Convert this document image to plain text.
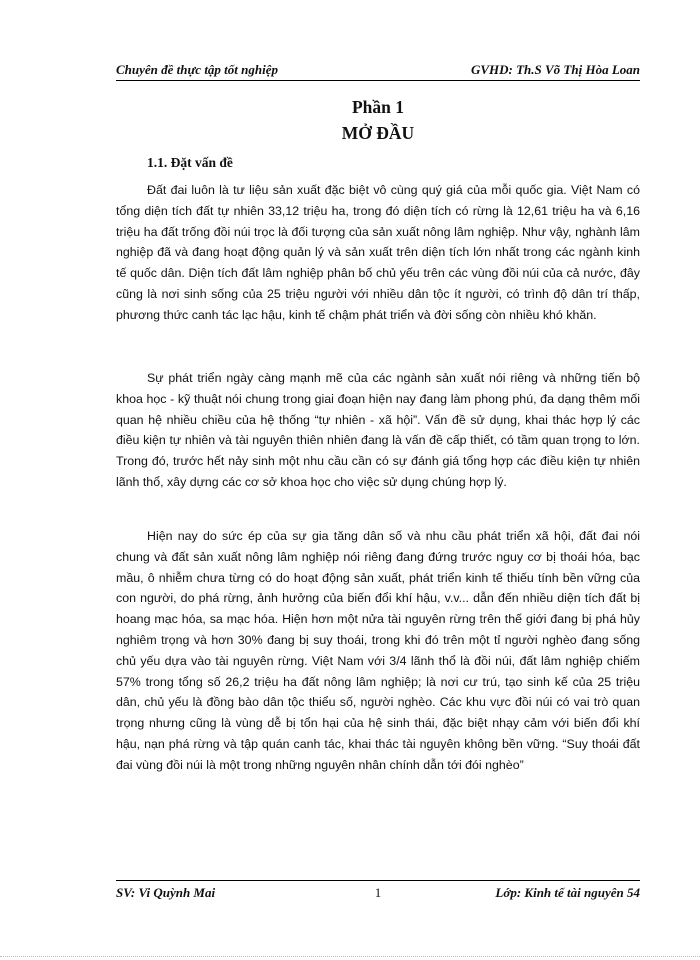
Chuyên đề thực tập tốt nghiệp	GVHD: Th.S Võ Thị Hòa Loan
Phần 1
MỞ ĐẦU
1.1. Đặt vấn đề

Đất đai luôn là tư liệu sản xuất đặc biệt vô cùng quý giá của mỗi quốc gia. Việt Nam có tổng diện tích đất tự nhiên 33,12 triệu ha, trong đó diện tích có rừng là 12,61 triệu ha và 6,16 triệu ha đất trống đồi núi trọc là đối tượng của sản xuất nông lâm nghiệp. Như vậy, nghành lâm nghiệp đã và đang hoạt động quản lý và sản xuất trên diện tích lớn nhất trong các ngành kinh tế quốc dân. Diện tích đất lâm nghiệp phân bố chủ yếu trên các vùng đồi núi của cả nước, đây cũng là nơi sinh sống của 25 triệu người với nhiều dân tộc ít người, có trình độ dân trí thấp, phương thức canh tác lạc hậu, kinh tế chậm phát triển và đời sống còn nhiều khó khăn.

Sự phát triển ngày càng mạnh mẽ của các ngành sản xuất nói riêng và những tiến bộ khoa học - kỹ thuật nói chung trong giai đoạn hiện nay đang làm phong phú, đa dạng thêm mối quan hệ nhiều chiều của hệ thống “tự nhiên - xã hội”. Vấn đề sử dụng, khai thác hợp lý các điều kiện tự nhiên và tài nguyên thiên nhiên đang là vấn đề cấp thiết, có tầm quan trọng to lớn. Trong đó, trước hết nảy sinh một nhu cầu cần có sự đánh giá tổng hợp các điều kiện tự nhiên lãnh thổ, xây dựng các cơ sở khoa học cho việc sử dụng chúng hợp lý.

Hiện nay do sức ép của sự gia tăng dân số và nhu cầu phát triển xã hội, đất đai nói chung và đất sản xuất nông lâm nghiệp nói riêng đang đứng trước nguy cơ bị thoái hóa, bạc mầu, ô nhiễm chưa từng có do hoạt động sản xuất, phát triển kinh tế thiếu tính bền vững của con người, do phá rừng, ảnh hưởng của biến đổi khí hậu, v.v... dẫn đến nhiều diện tích đất bị hoang mạc hóa, sa mạc hóa. Hiện hơn một nửa tài nguyên rừng trên thế giới đang bị phá hủy nghiêm trọng và hơn 30% đang bị suy thoái, trong khi đó trên một tỉ người nghèo đang sống chủ yếu dựa vào tài nguyên rừng. Việt Nam với 3/4 lãnh thổ là đồi núi, đất lâm nghiệp chiếm 57% trong tổng số 26,2 triệu ha đất nông lâm nghiệp; là nơi cư trú, tạo sinh kế của 25 triệu dân, chủ yếu là đồng bào dân tộc thiểu số, người nghèo. Các khu vực đồi núi có vai trò quan trọng nhưng cũng là vùng dễ bị tổn hại của hệ sinh thái, đặc biệt nhạy cảm với biến đổi khí hậu, nạn phá rừng và tập quán canh tác, khai thác tài nguyên không bền vững. “Suy thoái đất đai vùng đồi núi là một trong những nguyên nhân chính dẫn tới đói nghèo”

SV: Vi Quỳnh Mai	1	Lớp: Kinh tế tài nguyên 54
